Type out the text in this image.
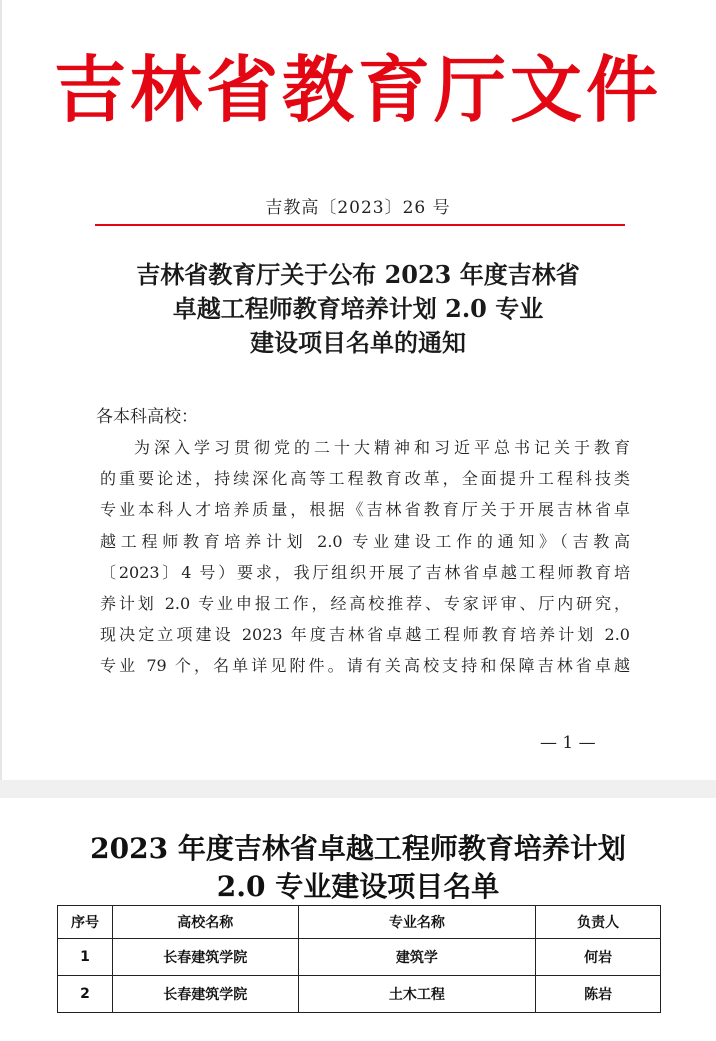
吉林省教育厅文件
吉教高〔2023〕26 号
吉林省教育厅关于公布 2023 年度吉林省
卓越工程师教育培养计划 2.0 专业
建设项目名单的通知
各本科高校：
为深入学习贯彻党的二十大精神和习近平总书记关于教育
的重要论述，持续深化高等工程教育改革，全面提升工程科技类
专业本科人才培养质量，根据《吉林省教育厅关于开展吉林省卓
越工程师教育培养计划 2.0 专业建设工作的通知》（吉教高
〔2023〕4 号）要求，我厅组织开展了吉林省卓越工程师教育培
养计划 2.0 专业申报工作，经高校推荐、专家评审、厅内研究，
现决定立项建设 2023 年度吉林省卓越工程师教育培养计划 2.0
专业 79 个，名单详见附件。请有关高校支持和保障吉林省卓越
— 1 —
2023 年度吉林省卓越工程师教育培养计划
2.0 专业建设项目名单
序号	高校名称	专业名称	负责人
1	长春建筑学院	建筑学	何岩
2	长春建筑学院	土木工程	陈岩
